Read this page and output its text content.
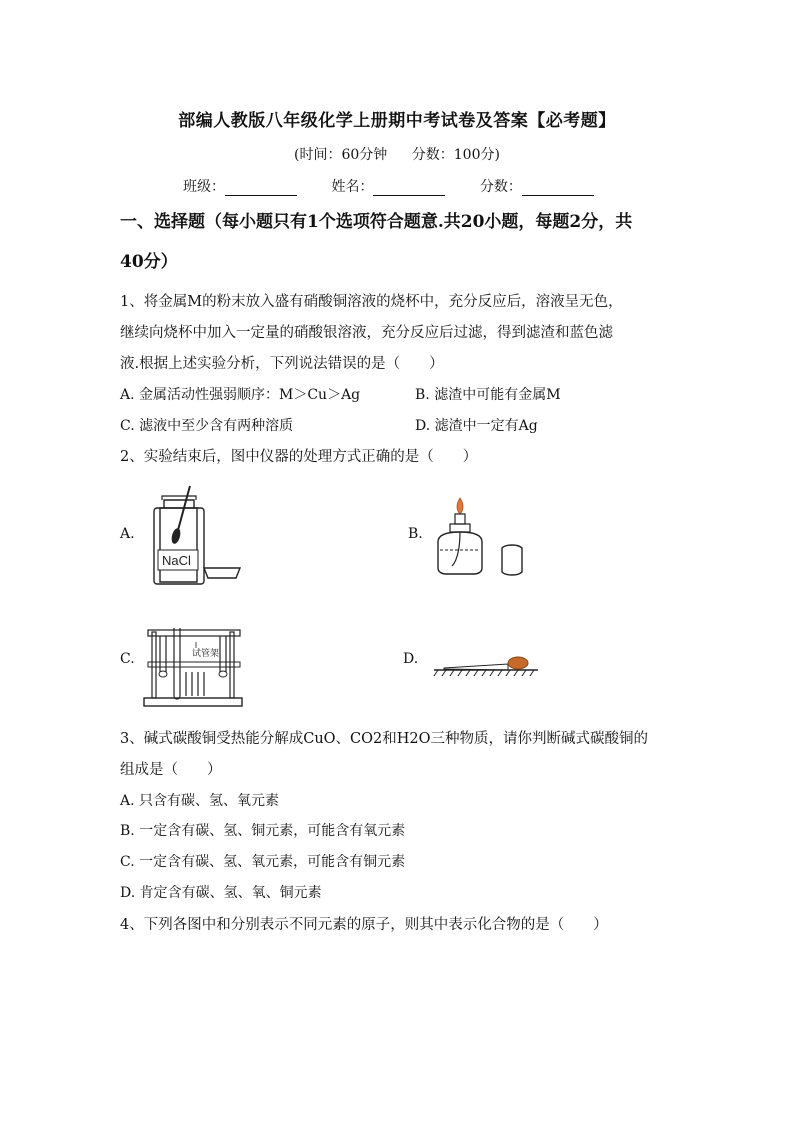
部编人教版八年级化学上册期中考试卷及答案【必考题】
(时间：60分钟 分数：100分)
班级：	姓名：	分数：
一、选择题（每小题只有1个选项符合题意.共20小题，每题2分，共
40分）
1、将金属M的粉末放入盛有硝酸铜溶液的烧杯中，充分反应后，溶液呈无色，
继续向烧杯中加入一定量的硝酸银溶液，充分反应后过滤，得到滤渣和蓝色滤
液.根据上述实验分析，下列说法错误的是（　　）
A. 金属活动性强弱顺序：M＞Cu＞Ag	B. 滤渣中可能有金属M
C. 滤液中至少含有两种溶质	D. 滤渣中一定有Ag
2、实验结束后，图中仪器的处理方式正确的是（　　）
A.	B.
C.	D.
NaCl
试管架
3、碱式碳酸铜受热能分解成CuO、CO2和H2O三种物质，请你判断碱式碳酸铜的
组成是（　　）
A. 只含有碳、氢、氧元素
B. 一定含有碳、氢、铜元素，可能含有氧元素
C. 一定含有碳、氢、氧元素，可能含有铜元素
D. 肯定含有碳、氢、氧、铜元素
4、下列各图中和分别表示不同元素的原子，则其中表示化合物的是（　　）
